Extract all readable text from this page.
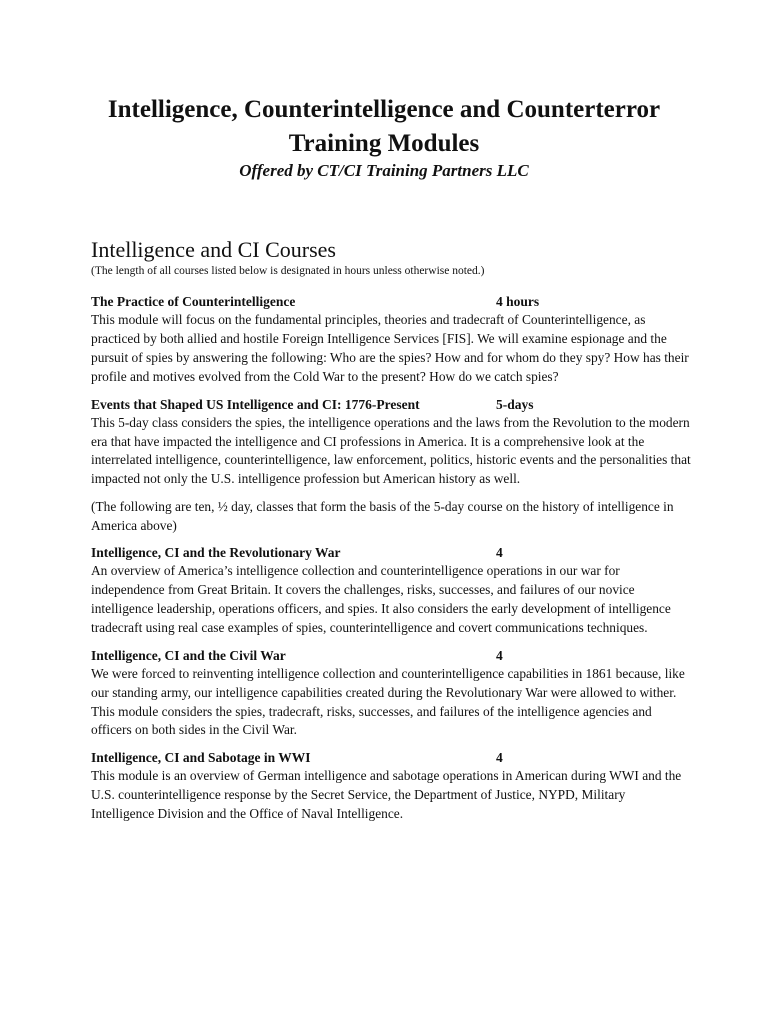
Intelligence, Counterintelligence and Counterterror
Training Modules
Offered by CT/CI Training Partners LLC
Intelligence and CI Courses

(The length of all courses listed below is designated in hours unless otherwise noted.)

The Practice of Counterintelligence	4 hours

This module will focus on the fundamental principles, theories and tradecraft of Counterintelligence, as practiced by both allied and hostile Foreign Intelligence Services [FIS]. We will examine espionage and the pursuit of spies by answering the following: Who are the spies? How and for whom do they spy? How has their profile and motives evolved from the Cold War to the present? How do we catch spies?

Events that Shaped US Intelligence and CI: 1776-Present	5-days

This 5-day class considers the spies, the intelligence operations and the laws from the Revolution to the modern era that have impacted the intelligence and CI professions in America. It is a comprehensive look at the interrelated intelligence, counterintelligence, law enforcement, politics, historic events and the personalities that impacted not only the U.S. intelligence profession but American history as well.

(The following are ten, ½ day, classes that form the basis of the 5-day course on the history of intelligence in America above)

Intelligence, CI and the Revolutionary War	4

An overview of America’s intelligence collection and counterintelligence operations in our war for independence from Great Britain. It covers the challenges, risks, successes, and failures of our novice intelligence leadership, operations officers, and spies. It also considers the early development of intelligence tradecraft using real case examples of spies, counterintelligence and covert communications techniques.

Intelligence, CI and the Civil War	4

We were forced to reinventing intelligence collection and counterintelligence capabilities in 1861 because, like our standing army, our intelligence capabilities created during the Revolutionary War were allowed to wither. This module considers the spies, tradecraft, risks, successes, and failures of the intelligence agencies and officers on both sides in the Civil War.

Intelligence, CI and Sabotage in WWI	4

This module is an overview of German intelligence and sabotage operations in American during WWI and the U.S. counterintelligence response by the Secret Service, the Department of Justice, NYPD, Military Intelligence Division and the Office of Naval Intelligence.
